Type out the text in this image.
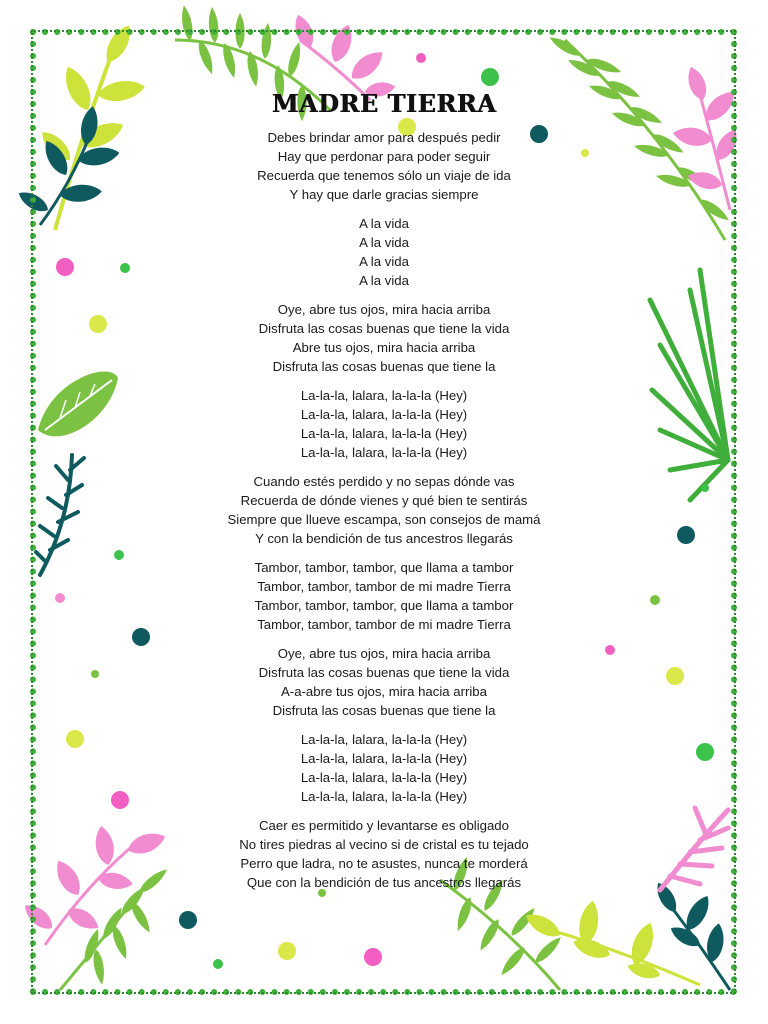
MADRE TIERRA
Debes brindar amor para después pedir
Hay que perdonar para poder seguir
Recuerda que tenemos sólo un viaje de ida
Y hay que darle gracias siempre
A la vida
A la vida
A la vida
A la vida
Oye, abre tus ojos, mira hacia arriba
Disfruta las cosas buenas que tiene la vida
Abre tus ojos, mira hacia arriba
Disfruta las cosas buenas que tiene la
La-la-la, lalara, la-la-la (Hey)
La-la-la, lalara, la-la-la (Hey)
La-la-la, lalara, la-la-la (Hey)
La-la-la, lalara, la-la-la (Hey)
Cuando estés perdido y no sepas dónde vas
Recuerda de dónde vienes y qué bien te sentirás
Siempre que llueve escampa, son consejos de mamá
Y con la bendición de tus ancestros llegarás
Tambor, tambor, tambor, que llama a tambor
Tambor, tambor, tambor de mi madre Tierra
Tambor, tambor, tambor, que llama a tambor
Tambor, tambor, tambor de mi madre Tierra
Oye, abre tus ojos, mira hacia arriba
Disfruta las cosas buenas que tiene la vida
A-a-abre tus ojos, mira hacia arriba
Disfruta las cosas buenas que tiene la
La-la-la, lalara, la-la-la (Hey)
La-la-la, lalara, la-la-la (Hey)
La-la-la, lalara, la-la-la (Hey)
La-la-la, lalara, la-la-la (Hey)
Caer es permitido y levantarse es obligado
No tires piedras al vecino si de cristal es tu tejado
Perro que ladra, no te asustes, nunca te morderá
Que con la bendición de tus ancestros llegarás
